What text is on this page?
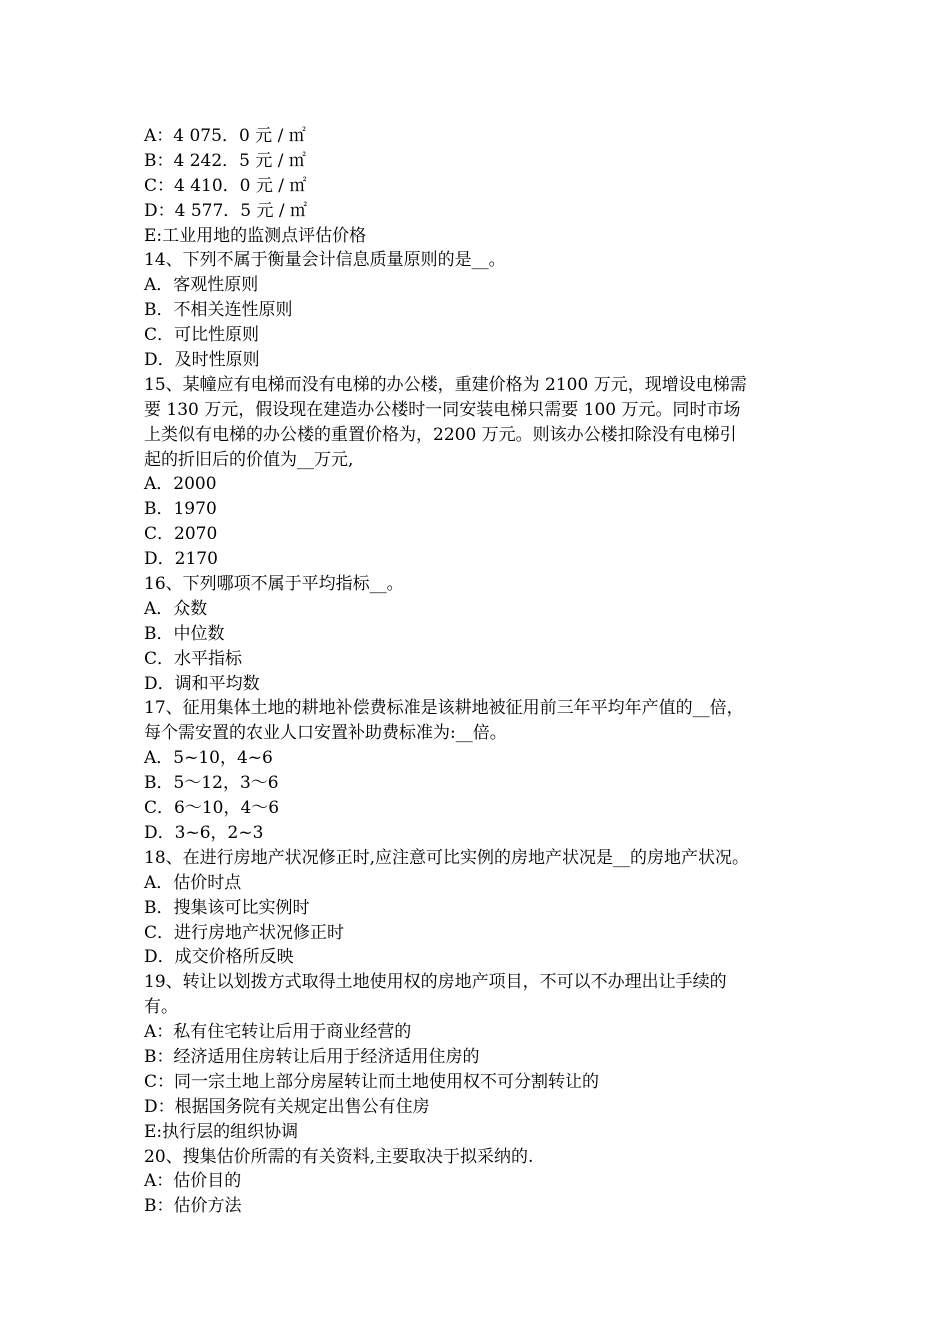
A：4 075．0 元 / ㎡
B：4 242．5 元 / ㎡
C：4 410．0 元 / ㎡
D：4 577．5 元 / ㎡
E:工业用地的监测点评估价格
14、下列不属于衡量会计信息质量原则的是__。
A．客观性原则
B．不相关连性原则
C．可比性原则
D．及时性原则
15、某幢应有电梯而没有电梯的办公楼，重建价格为 2100 万元，现增设电梯需
要 130 万元，假设现在建造办公楼时一同安装电梯只需要 100 万元。同时市场
上类似有电梯的办公楼的重置价格为，2200 万元。则该办公楼扣除没有电梯引
起的折旧后的价值为__万元,
A．2000
B．1970
C．2070
D．2170
16、下列哪项不属于平均指标__。
A．众数
B．中位数
C．水平指标
D．调和平均数
17、征用集体土地的耕地补偿费标准是该耕地被征用前三年平均年产值的__倍，
每个需安置的农业人口安置补助费标准为:__倍。
A．5~10，4~6
B．5～12，3～6
C．6～10，4～6
D．3~6，2~3
18、在进行房地产状况修正时,应注意可比实例的房地产状况是__的房地产状况。
A．估价时点
B．搜集该可比实例时
C．进行房地产状况修正时
D．成交价格所反映
19、转让以划拨方式取得土地使用权的房地产项目，不可以不办理出让手续的
有。
A：私有住宅转让后用于商业经营的
B：经济适用住房转让后用于经济适用住房的
C：同一宗土地上部分房屋转让而土地使用权不可分割转让的
D：根据国务院有关规定出售公有住房
E:执行层的组织协调
20、搜集估价所需的有关资料,主要取决于拟采纳的.
A：估价目的
B：估价方法
